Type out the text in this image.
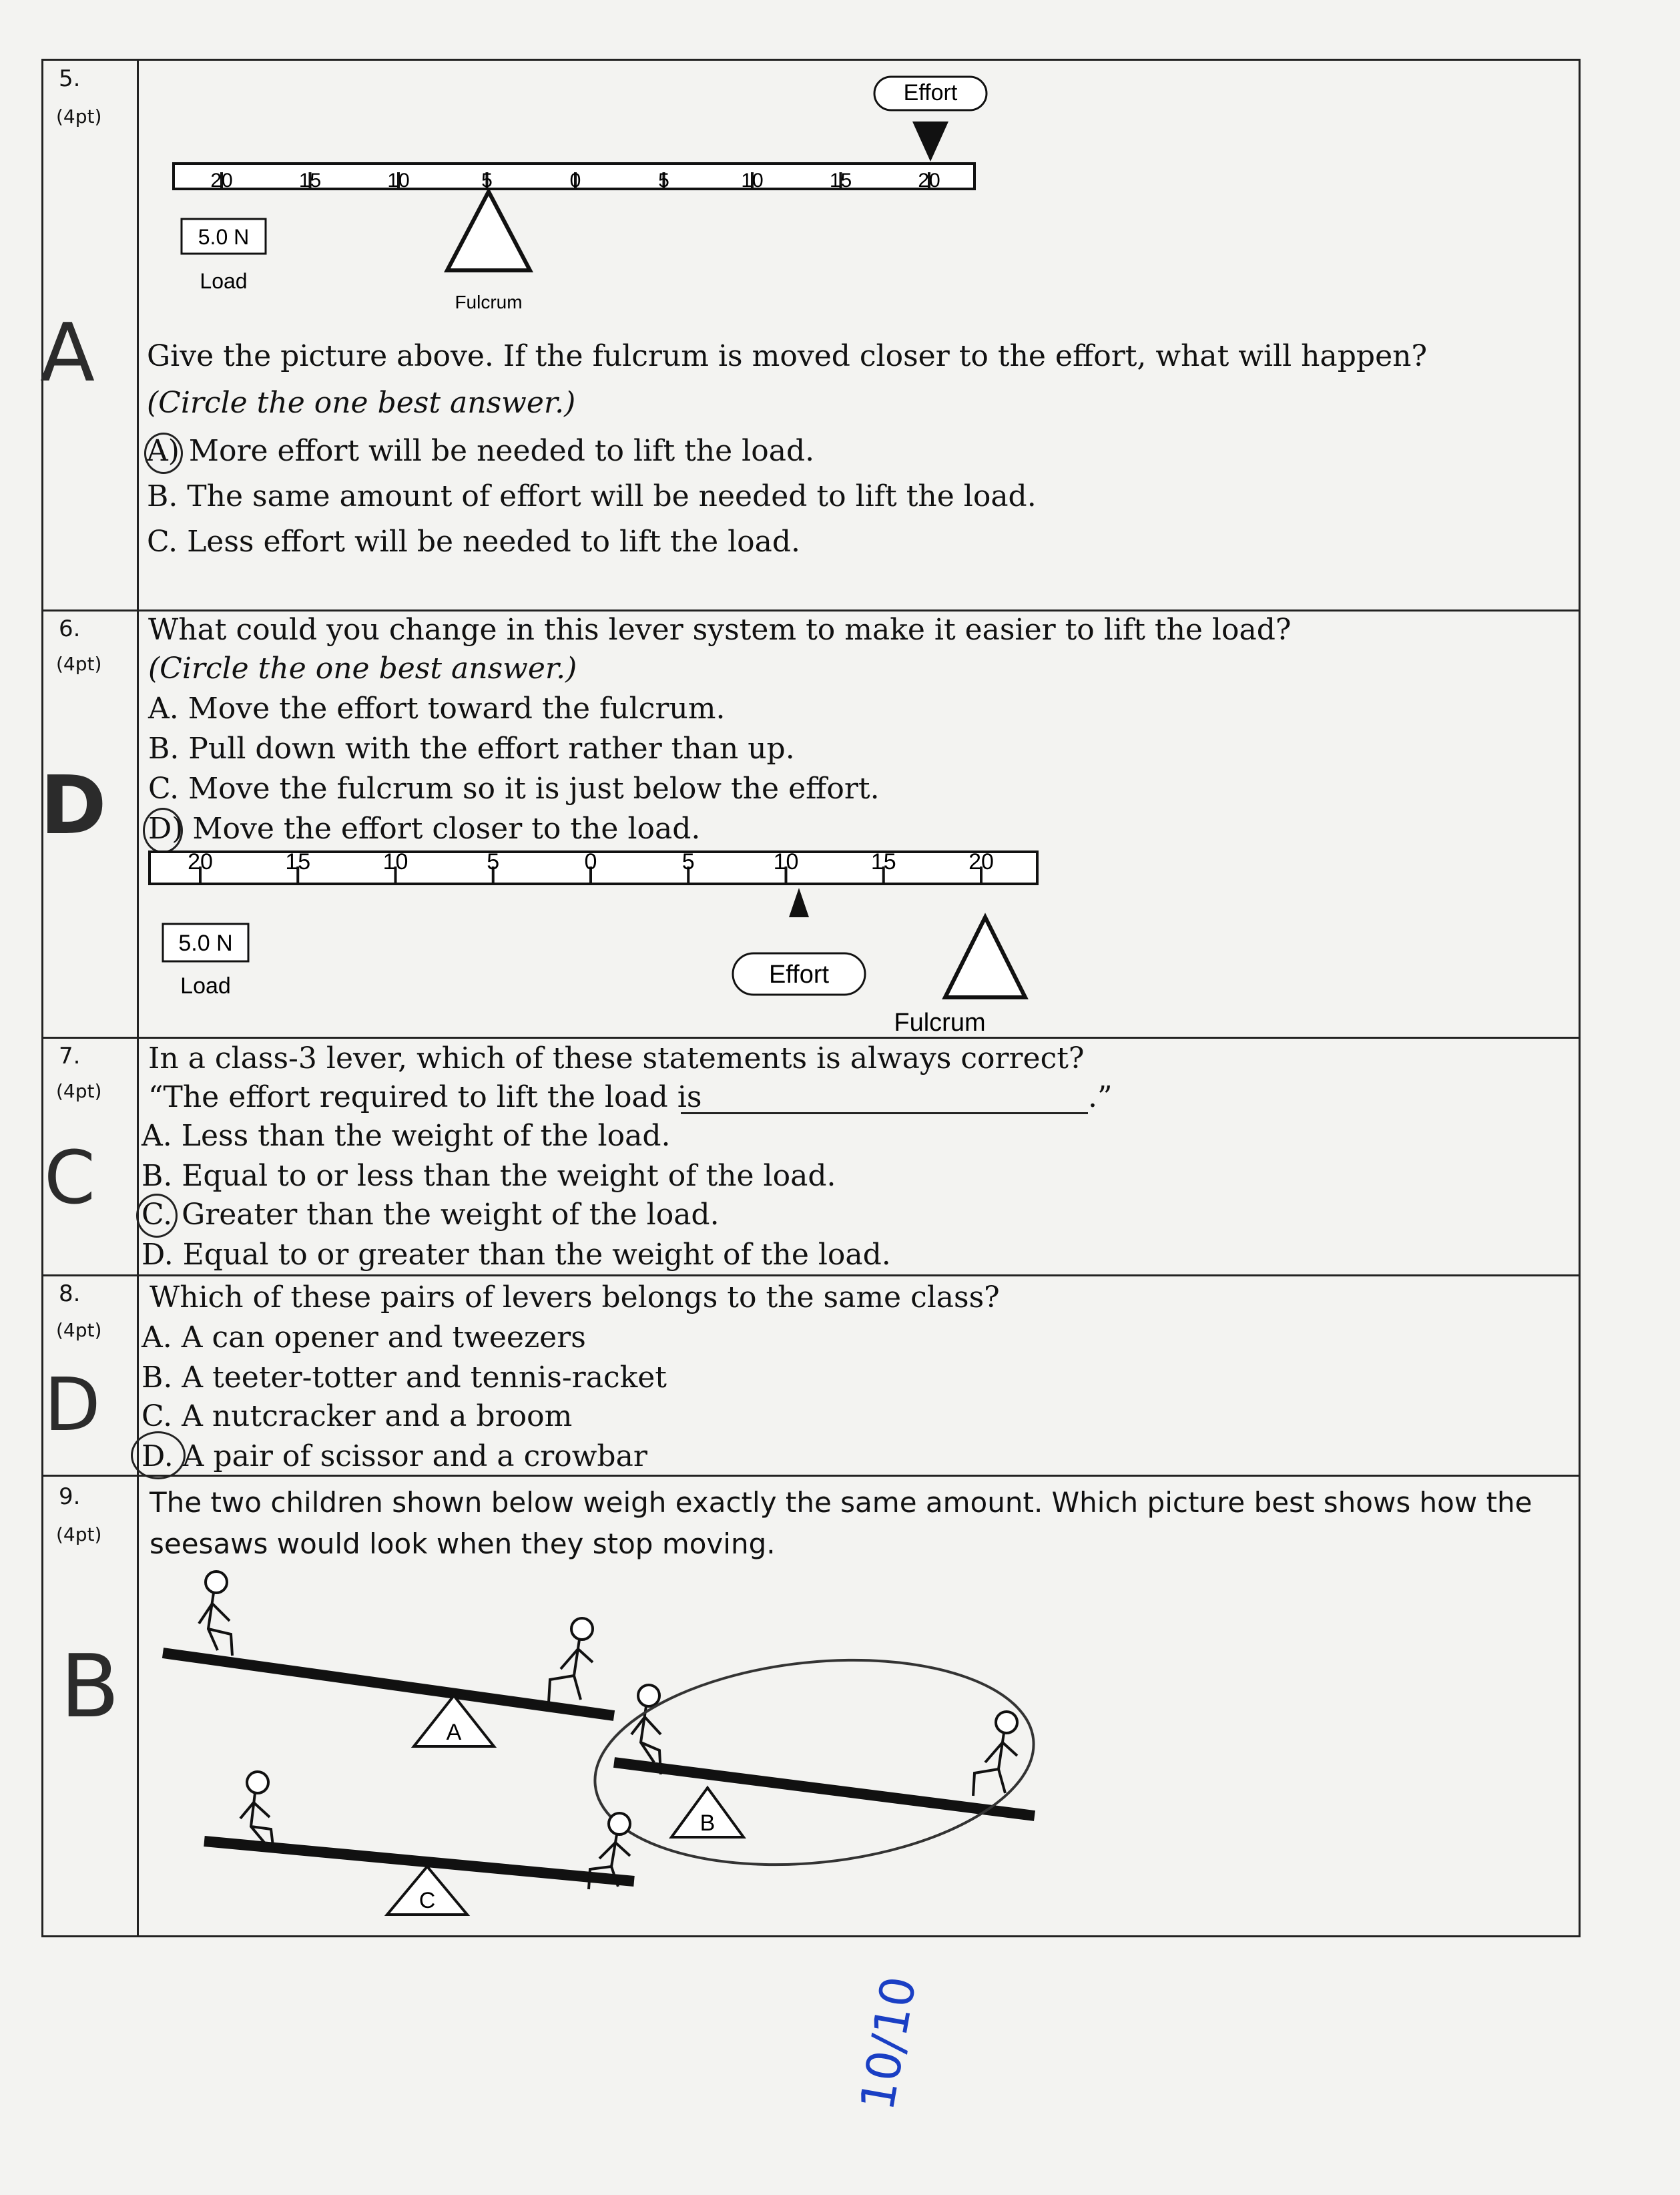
5.
(4pt)
20	15	10	5	0	5	10	15	20
Effort
5.0 N
Load
Fulcrum
Give the picture above. If the fulcrum is moved closer to the effort, what will happen?
(Circle the one best answer.)
A) More effort will be needed to lift the load.
B. The same amount of effort will be needed to lift the load.
C. Less effort will be needed to lift the load.
A
6.
(4pt)
What could you change in this lever system to make it easier to lift the load?
(Circle the one best answer.)
A. Move the effort toward the fulcrum.
B. Pull down with the effort rather than up.
C. Move the fulcrum so it is just below the effort.
D) Move the effort closer to the load.
D
20	15	10	5	0	5	10	15	20
5.0 N
Load	Effort
Fulcrum
7.
(4pt)
In a class-3 lever, which of these statements is always correct?
“The effort required to lift the load is	.”
A. Less than the weight of the load.
B. Equal to or less than the weight of the load.
C. Greater than the weight of the load.
D. Equal to or greater than the weight of the load.
C
8.
(4pt)
Which of these pairs of levers belongs to the same class?
A. A can opener and tweezers
B. A teeter-totter and tennis-racket
C. A nutcracker and a broom
D. A pair of scissor and a crowbar
D
9.
(4pt)
The two children shown below weigh exactly the same amount. Which picture best shows how the
seesaws would look when they stop moving.
B	A
B
C
10/10
